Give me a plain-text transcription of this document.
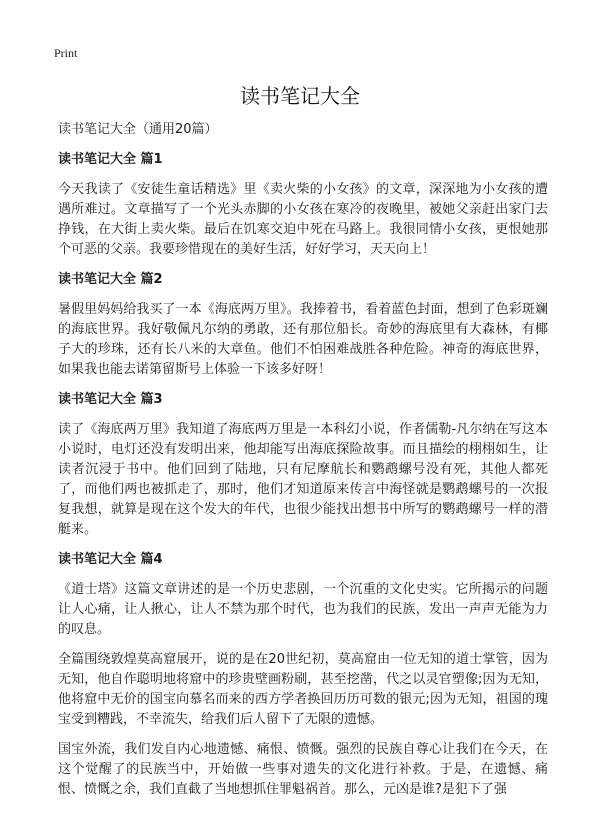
Print
读书笔记大全

读书笔记大全（通用20篇）

读书笔记大全 篇1

今天我读了《安徒生童话精选》里《卖火柴的小女孩》的文章，深深地为小女孩的遭遇所难过。文章描写了一个光头赤脚的小女孩在寒冷的夜晚里，被她父亲赶出家门去挣钱，在大街上卖火柴。最后在饥寒交迫中死在马路上。我很同情小女孩，更恨她那个可恶的父亲。我要珍惜现在的美好生活，好好学习，天天向上！

读书笔记大全 篇2

暑假里妈妈给我买了一本《海底两万里》。我捧着书，看着蓝色封面，想到了色彩斑斓的海底世界。我好敬佩凡尔纳的勇敢，还有那位船长。奇妙的海底里有大森林，有椰子大的珍珠，还有长八米的大章鱼。他们不怕困难战胜各种危险。神奇的海底世界，如果我也能去诺第留斯号上体验一下该多好呀！

读书笔记大全 篇3

读了《海底两万里》我知道了海底两万里是一本科幻小说，作者儒勒-凡尔纳在写这本小说时，电灯还没有发明出来，他却能写出海底探险故事。而且描绘的栩栩如生，让读者沉浸于书中。他们回到了陆地，只有尼摩航长和鹦鹉螺号没有死，其他人都死了，而他们两也被抓走了，那时，他们才知道原来传言中海怪就是鹦鹉螺号的一次报复我想，就算是现在这个发大的年代，也很少能找出想书中所写的鹦鹉螺号一样的潜艇来。

读书笔记大全 篇4

《道士塔》这篇文章讲述的是一个历史悲剧，一个沉重的文化史实。它所揭示的问题让人心痛，让人揪心，让人不禁为那个时代，也为我们的民族，发出一声声无能为力的叹息。

全篇围绕敦煌莫高窟展开，说的是在20世纪初，莫高窟由一位无知的道士掌管，因为无知，他自作聪明地将窟中的珍贵壁画粉刷，甚至挖凿，代之以灵官塑像;因为无知，他将窟中无价的国宝向慕名而来的西方学者换回历历可数的银元;因为无知，祖国的瑰宝受到糟践，不幸流失，给我们后人留下了无限的遗憾。

国宝外流，我们发自内心地遗憾、痛恨、愤慨。强烈的民族自尊心让我们在今天，在这个觉醒了的民族当中，开始做一些事对遗失的文化进行补救。于是，在遗憾、痛恨、愤慨之余，我们直截了当地想抓住罪魁祸首。那么，元凶是谁?是犯下了强
